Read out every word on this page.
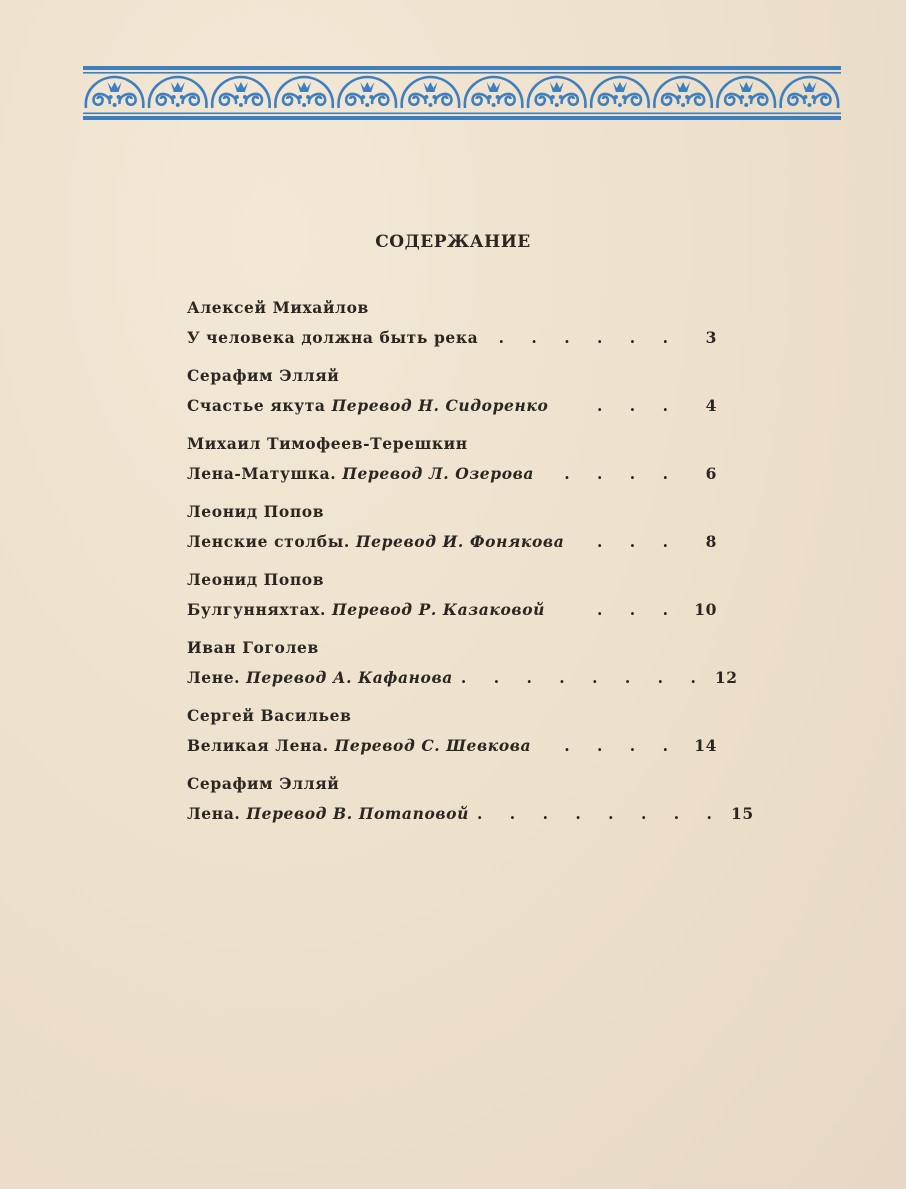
СОДЕРЖАНИЕ
Алексей Михайлов
У человека должна быть река	. . . . . .	3
Серафим Элляй
Счастье якута Перевод Н. Сидоренко	. . .	4
Михаил Тимофеев-Терешкин
Лена-Матушка. Перевод Л. Озерова	. . . .	6
Леонид Попов
Ленские столбы. Перевод И. Фонякова	. . .	8
Леонид Попов
Булгунняхтах. Перевод Р. Казаковой	. . . 10
Иван Гоголев
Лене. Перевод А. Кафанова . . . . . . . . 12
Сергей Васильев
Великая Лена. Перевод С. Шевкова	. . . . 14
Серафим Элляй
Лена. Перевод В. Потаповой . . . . . . . . 15
